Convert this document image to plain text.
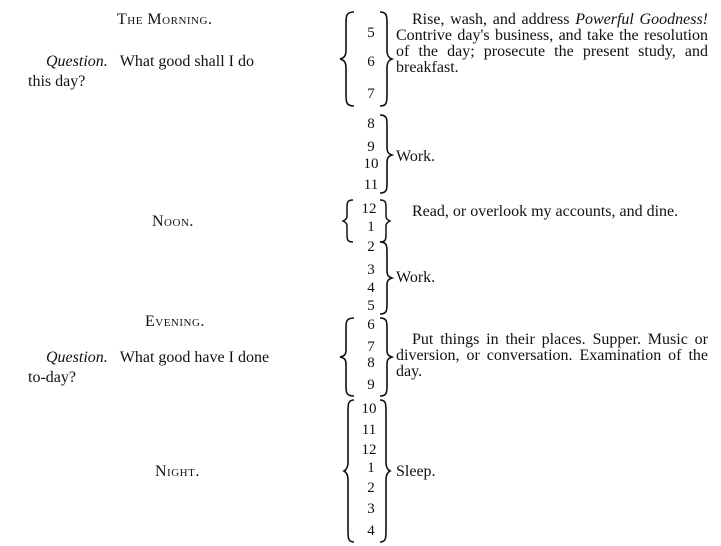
The Morning.
Question. What good shall I do
this day?
5
6
7
Rise, wash, and address Powerful Goodness! Contrive day's business, and take the resolution of the day; prosecute the present study, and breakfast.
8
9
10
11
Work.
Noon.
12
1
Read, or overlook my accounts, and dine.
2
3
4
5
Work.
Evening.
Question. What good have I done
to-day?
6
7
8
9
Put things in their places. Supper. Music or diversion, or conversation. Examination of the day.
Night.
10
11
12
1
2
3
4
Sleep.
